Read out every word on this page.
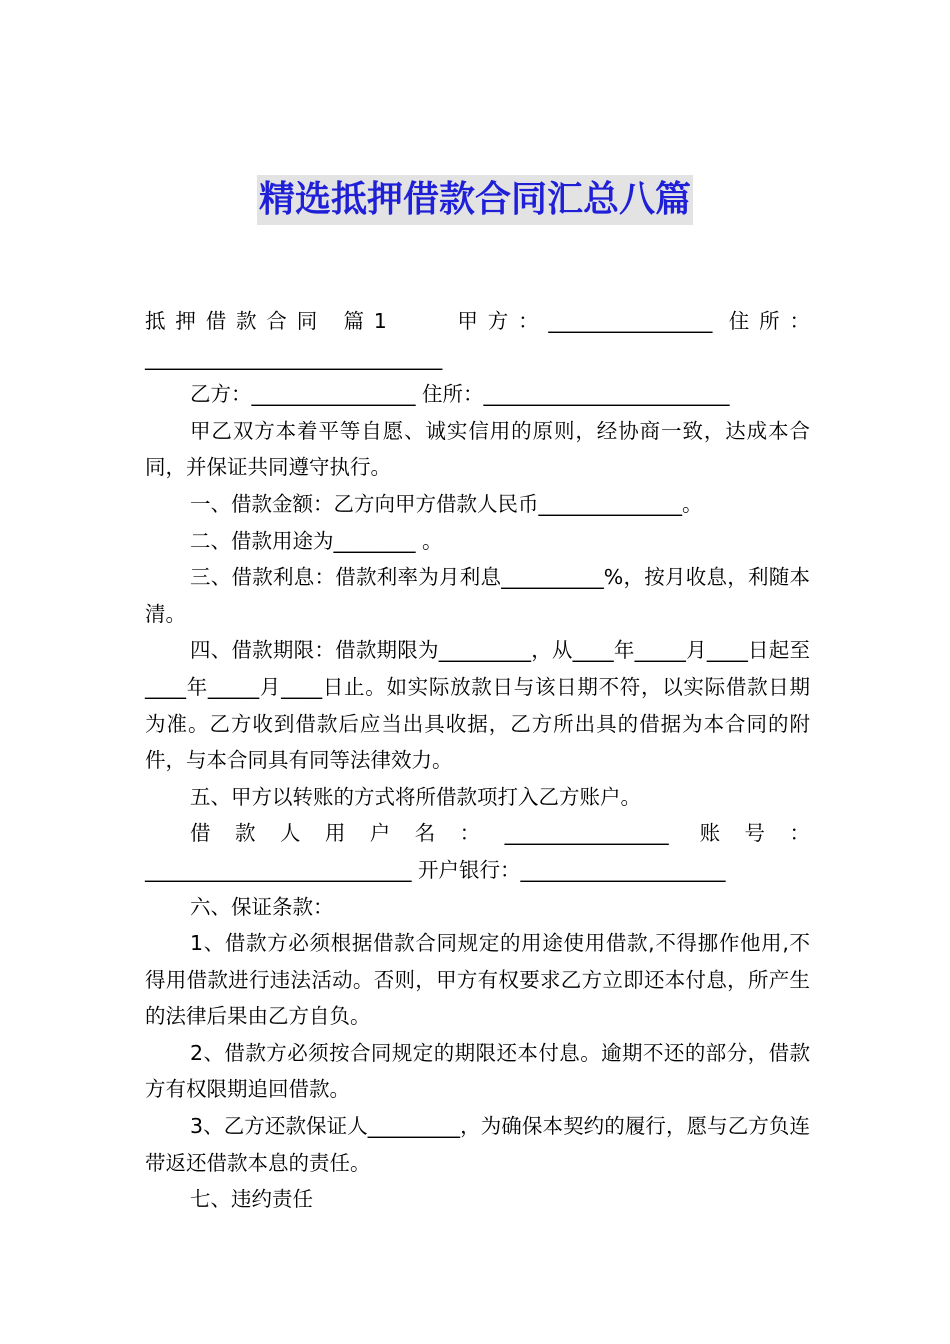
精选抵押借款合同汇总八篇

抵押借款合同 篇1　　甲方：________________ 住所：_____________________________

乙方：________________ 住所：________________________

甲乙双方本着平等自愿、诚实信用的原则，经协商一致，达成本合同，并保证共同遵守执行。

一、借款金额：乙方向甲方借款人民币______________。

二、借款用途为________ 。

三、借款利息：借款利率为月利息__________%，按月收息，利随本清。

四、借款期限：借款期限为_________，从____年_____月____日起至____年_____月____日止。如实际放款日与该日期不符，以实际借款日期为准。乙方收到借款后应当出具收据，乙方所出具的借据为本合同的附件，与本合同具有同等法律效力。

五、甲方以转账的方式将所借款项打入乙方账户。

借款人用户名：________________ 账号：__________________________ 开户银行：____________________

六、保证条款：

1、借款方必须根据借款合同规定的用途使用借款,不得挪作他用,不得用借款进行违法活动。否则，甲方有权要求乙方立即还本付息，所产生的法律后果由乙方自负。

2、借款方必须按合同规定的期限还本付息。逾期不还的部分，借款方有权限期追回借款。

3、乙方还款保证人_________，为确保本契约的履行，愿与乙方负连带返还借款本息的责任。

七、违约责任
